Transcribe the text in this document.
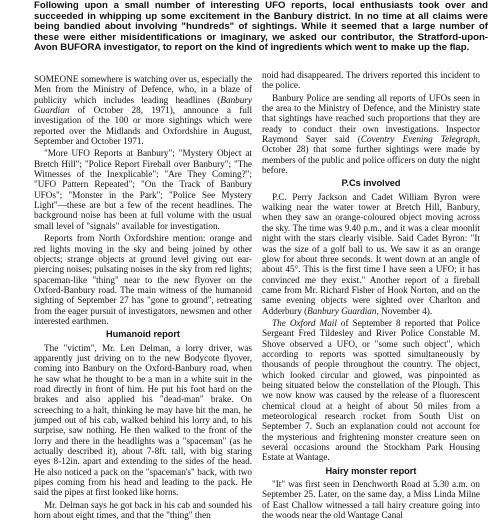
Following upon a small number of interesting UFO reports, local enthusiasts took over and succeeded in whipping up some excitement in the Banbury district. In no time at all claims were being bandied about involving "hundreds" of sightings. While it seemed that a large number of these were either misidentifications or imaginary, we asked our contributor, the Stratford-upon-Avon BUFORA investigator, to report on the kind of ingredients which went to make up the flap.

SOMEONE somewhere is watching over us, especially the Men from the Ministry of Defence, who, in a blaze of publicity which includes leading headlines (Banbury Guardian of October 28, 1971), announce a full investigation of the 100 or more sightings which were reported over the Midlands and Oxfordshire in August, September and October 1971.

"More UFO Reports at Banbury"; "Mystery Object at Bretch Hill"; "Police Report Fireball over Banbury"; "The Witnesses of the Inexplicable"; "Are They Coming?"; "UFO Pattern Repeated"; "On the Track of Banbury UFOs"; "Monster in the Park"; "Police See Mystery Light"—these are but a few of the recent headlines. The background noise has been at full volume with the usual small level of "signals" available for investigation.

Reports from North Oxfordshire mention: orange and red lights moving in the sky and being joined by other objects; strange objects at ground level giving out ear-piercing noises; pulsating noises in the sky from red lights; spaceman-like "thing" near to the new flyover on the Oxford-Banbury road. The main witness of the humanoid sighting of September 27 has "gone to ground", retreating from the eager pursuit of investigators, newsmen and other interested earthmen.

Humanoid report

The "victim", Mr. Len Delman, a lorry driver, was apparently just driving on to the new Bodycote flyover, coming into Banbury on the Oxford-Banbury road, when he saw what he thought to be a man in a white suit in the road directly in front of him. He put his foot hard on the brakes and also applied his "dead-man" brake. On screeching to a halt, thinking he may have hit the man, he jumped out of his cab, walked behind his lorry and, to his surprise, saw nothing. He then walked to the front of the lorry and there in the headlights was a "spaceman" (as he actually described it), about 7-8ft. tall, with big staring eyes 8-12in. apart and extending to the sides of the head. He also noticed a pack on the "spaceman's" back, with two pipes coming from his head and leading to the pack. He said the pipes at first looked like horns.

Mr. Delman says he got back in his cab and sounded his horn about eight times, and that the "thing" then

noid had disappeared. The drivers reported this incident to the police.

Banbury Police are sending all reports of UFOs seen in the area to the Ministry of Defence, and the Ministry state that sightings have reached such proportions that they are ready to conduct their own investigations. Inspector Raymond Sayer said (Coventry Evening Telegraph, October 28) that some further sightings were made by members of the public and police officers on duty the night before.

P.Cs involved

P.C. Perry Jackson and Cadet William Byron were walking near the water tower at Bretch Hill, Banbury, when they saw an orange-coloured object moving across the sky. The time was 9.40 p.m., and it was a clear moonlit night with the stars clearly visible. Said Cadet Byron: "It was the size of a golf ball to us. We saw it as an orange glow for about three seconds. It went down at an angle of about 45°. This is the first time I have seen a UFO; it has convinced me they exist." Another report of a fireball came from Mr. Richard Fisher of Hook Norton, and on the same evening objects were sighted over Charlton and Adderbury (Banbury Guardian, November 4).

The Oxford Mail of September 8 reported that Police Sergeant Fred Tildesley and River Police Constable M. Shove observed a UFO, or "some such object", which according to reports was spotted simultaneously by thousands of people throughout the country. The object, which looked circular and glowed, was pinpointed as being situated below the constellation of the Plough. This we now know was caused by the release of a fluorescent chemical cloud at a height of about 50 miles from a meteorological research rocket from South Uist on September 7. Such an explanation could not account for the mysterious and frightening monster creature seen on several occasions around the Stockham Park Housing Estate at Wantage.

Hairy monster report

"It" was first seen in Denchworth Road at 5.30 a.m. on September 25. Later, on the same day, a Miss Linda Milne of East Challow witnessed a tall hairy creature going into the woods near the old Wantage Canal
